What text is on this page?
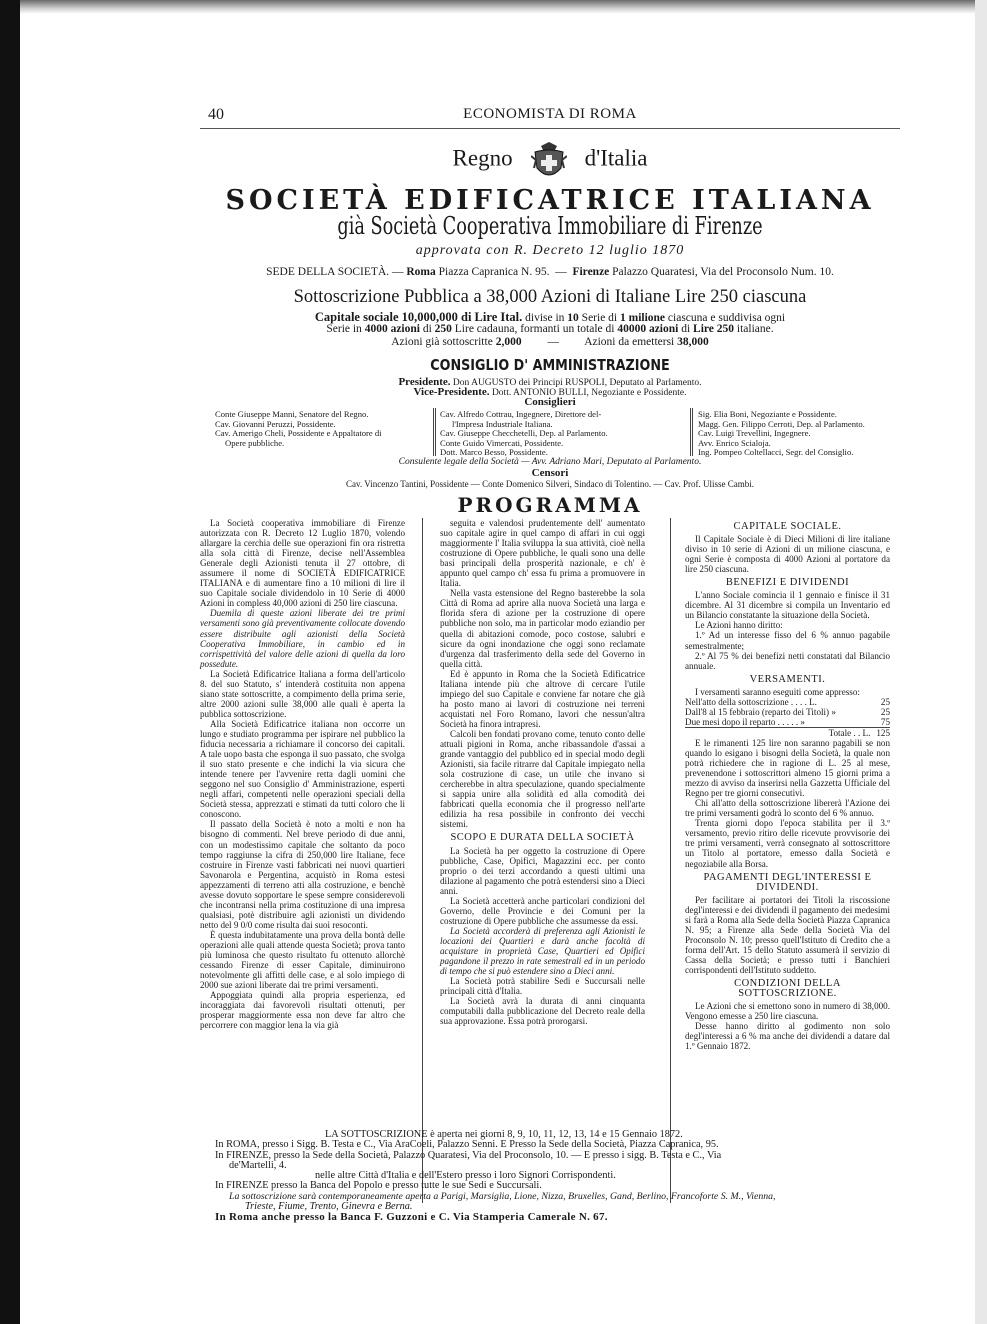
40	ECONOMISTA DI ROMA
Regno	d'Italia
SOCIETÀ EDIFICATRICE ITALIANA
già Società Cooperativa Immobiliare di Firenze
approvata con R. Decreto 12 luglio 1870
SEDE DELLA SOCIETÀ. — Roma Piazza Capranica N. 95.  —  Firenze Palazzo Quaratesi, Via del Proconsolo Num. 10.
Sottoscrizione Pubblica a 38,000 Azioni di Italiane Lire 250 ciascuna
Capitale sociale 10,000,000 di Lire Ital. divise in 10 Serie di 1 milione ciascuna e suddivisa ogni
Serie in 4000 azioni di 250 Lire cadauna, formanti un totale di 40000 azioni di Lire 250 italiane.
Azioni già sottoscritte 2,000 — Azioni da emettersi 38,000
CONSIGLIO D' AMMINISTRAZIONE
Presidente. Don AUGUSTO dei Principi RUSPOLI, Deputato al Parlamento.
Vice-Presidente. Dott. ANTONIO BULLI, Negoziante e Possidente.
Consiglieri
Conte Giuseppe Manni, Senatore del Regno.
Cav. Giovanni Peruzzi, Possidente.
Cav. Amerigo Cheli, Possidente e Appaltatore di
Opere pubbliche.
Cav. Alfredo Cottrau, Ingegnere, Direttore del-
l'Impresa Industriale Italiana.
Cav. Giuseppe Checchetelli, Dep. al Parlamento.
Conte Guido Vimercati, Possidente.
Dott. Marco Besso, Possidente.
Sig. Elia Boni, Negoziante e Possidente.
Magg. Gen. Filippo Cerroti, Dep. al Parlamento.
Cav. Luigi Trevellini, Ingegnere.
Avv. Enrico Scialoja.
Ing. Pompeo Coltellacci, Segr. del Consiglio.
Consulente legale della Società — Avv. Adriano Mari, Deputato al Parlamento.
Censori
Cav. Vincenzo Tantini, Possidente — Conte Domenico Silveri, Sindaco di Tolentino. — Cav. Prof. Ulisse Cambi.
PROGRAMMA

La Società cooperativa immobiliare di Firenze autorizzata con R. Decreto 12 Luglio 1870, volendo allargare la cerchia delle sue operazioni fin ora ristretta alla sola città di Firenze, decise nell'Assemblea Generale degli Azionisti tenuta il 27 ottobre, di assumere il nome di SOCIETÀ EDIFICATRICE ITALIANA e di aumentare fino a 10 milioni di lire il suo Capitale sociale dividendolo in 10 Serie di 4000 Azioni in compless 40,000 azioni di 250 lire ciascuna.

Duemila di queste azioni liberate dei tre primi versamenti sono già preventivamente collocate dovendo essere distribuite agli azionisti della Società Cooperativa Immobiliare, in cambio ed in corrispettività del valore delle azioni di quella da loro possedute.

La Società Edificatrice Italiana a forma dell'articolo 8. del suo Statuto, s' intenderà costituita non appena siano state sottoscritte, a compimento della prima serie, altre 2000 azioni sulle 38,000 alle quali è aperta la pubblica sottoscrizione.

Alla Società Edificatrice italiana non occorre un lungo e studiato programma per ispirare nel pubblico la fiducia necessaria a richiamare il concorso dei capitali. A tale uopo basta che esponga il suo passato, che svolga il suo stato presente e che indichi la via sicura che intende tenere per l'avvenire retta dagli uomini che seggono nel suo Consiglio d' Amministrazione, esperti negli affari, competenti nelle operazioni speciali della Società stessa, apprezzati e stimati da tutti coloro che li conoscono.

Il passato della Società è noto a molti e non ha bisogno di commenti. Nel breve periodo di due anni, con un modestissimo capitale che soltanto da poco tempo raggiunse la cifra di 250,000 lire Italiane, fece costruire in Firenze vasti fabbricati nei nuovi quartieri Savonarola e Pergentina, acquistò in Roma estesi appezzamenti di terreno atti alla costruzione, e benchè avesse dovuto sopportare le spese sempre considerevoli che incontransi nella prima costituzione di una impresa qualsiasi, potè distribuire agli azionisti un dividendo netto del 9 0/0 come risulta dai suoi resoconti.

È questa indubitatamente una prova della bontà delle operazioni alle quali attende questa Società; prova tanto più luminosa che questo risultato fu ottenuto allorchè cessando Firenze di esser Capitale, diminuirono notevolmente gli affitti delle case, e al solo impiego di 2000 sue azioni liberate dai tre primi versamenti.

Appoggiata quindi alla propria esperienza, ed incoraggiata dai favorevoli risultati ottenuti, per prosperar maggiormente essa non deve far altro che percorrere con maggior lena la via già

seguita e valendosi prudentemente dell' aumentato suo capitale agire in quel campo di affari in cui oggi maggiormente l' Italia sviluppa la sua attività, cioè nella costruzione di Opere pubbliche, le quali sono una delle basi principali della prosperità nazionale, e ch' è appunto quel campo ch' essa fu prima a promuovere in Italia.

Nella vasta estensione del Regno basterebbe la sola Città di Roma ad aprire alla nuova Società una larga e florida sfera di azione per la costruzione di opere pubbliche non solo, ma in particolar modo eziandio per quella di abitazioni comode, poco costose, salubri e sicure da ogni inondazione che oggi sono reclamate d'urgenza dal trasferimento della sede del Governo in quella città.

Ed è appunto in Roma che la Società Edificatrice Italiana intende più che altrove di cercare l'utile impiego del suo Capitale e conviene far notare che già ha posto mano ai lavori di costruzione nei terreni acquistati nel Foro Romano, lavori che nessun'altra Società ha finora intrapresi.

Calcoli ben fondati provano come, tenuto conto delle attuali pigioni in Roma, anche ribassandole d'assai a grande vantaggio del pubblico ed in special modo degli Azionisti, sia facile ritrarre dal Capitale impiegato nella sola costruzione di case, un utile che invano si cercherebbe in altra speculazione, quando specialmente si sappia unire alla solidità ed alla comodità dei fabbricati quella economia che il progresso nell'arte edilizia ha resa possibile in confronto dei vecchi sistemi.

SCOPO E DURATA DELLA SOCIETÀ

La Società ha per oggetto la costruzione di Opere pubbliche, Case, Opifici, Magazzini ecc. per conto proprio o dei terzi accordando a questi ultimi una dilazione al pagamento che potrà estendersi sino a Dieci anni.

La Società accetterà anche particolari condizioni del Governo, delle Provincie e dei Comuni per la costruzione di Opere pubbliche che assumesse da essi.

La Società accorderà di preferenza agli Azionisti le locazioni dei Quartieri e darà anche facoltà di acquistare in proprietà Case, Quartieri ed Opifici pagandone il prezzo in rate semestrali ed in un periodo di tempo che si può estendere sino a Dieci anni.

La Società potrà stabilire Sedi e Succursali nelle principali città d'Italia.

La Società avrà la durata di anni cinquanta computabili dalla pubblicazione del Decreto reale della sua approvazione. Essa potrà prorogarsi.

CAPITALE SOCIALE.

Il Capitale Sociale è di Dieci Milioni di lire italiane diviso in 10 serie di Azioni di un milione ciascuna, e ogni Serie è composta di 4000 Azioni al portatore da lire 250 ciascuna.

BENEFIZI E DIVIDENDI

L'anno Sociale comincia il 1 gennaio e finisce il 31 dicembre. Al 31 dicembre si compila un Inventario ed un Bilancio constatante la situazione della Società.

Le Azioni hanno diritto:

1.º Ad un interesse fisso del 6 % annuo pagabile semestralmente;

2.º Al 75 % dei benefizi netti constatati dal Bilancio annuale.

VERSAMENTI.

I versamenti saranno eseguiti come appresso:

Nell'atto della sottoscrizione . . . . L.	25
Dall'8 al 15 febbraio (reparto dei Titoli) »	25
Due mesi dopo il reparto . . . . . »	75
Totale . . L. 125

E le rimanenti 125 lire non saranno pagabili se non quando lo esigano i bisogni della Società, la quale non potrà richiedere che in ragione di L. 25 al mese, prevenendone i sottoscrittori almeno 15 giorni prima a mezzo di avviso da inserirsi nella Gazzetta Ufficiale del Regno per tre giorni consecutivi.

Chi all'atto della sottoscrizione libererà l'Azione dei tre primi versamenti godrà lo sconto del 6 % annuo.

Trenta giorni dopo l'epoca stabilita per il 3.º versamento, previo ritiro delle ricevute provvisorie dei tre primi versamenti, verrà consegnato al sottoscrittore un Titolo al portatore, emesso dalla Società e negoziabile alla Borsa.

PAGAMENTI DEGL'INTERESSI E DIVIDENDI.

Per facilitare ai portatori dei Titoli la riscossione degl'interessi e dei dividendi il pagamento dei medesimi si farà a Roma alla Sede della Società Piazza Capranica N. 95; a Firenze alla Sede della Società Via del Proconsolo N. 10; presso quell'Istituto di Credito che a forma dell'Art. 15 dello Statuto assumerà il servizio di Cassa della Società; e presso tutti i Banchieri corrispondenti dell'Istituto suddetto.

CONDIZIONI DELLA SOTTOSCRIZIONE.

Le Azioni che si emettono sono in numero di 38,000. Vengono emesse a 250 lire ciascuna.

Desse hanno diritto al godimento non solo degl'interessi a 6 % ma anche dei dividendi a datare dal 1.º Gennaio 1872.

LA SOTTOSCRIZIONE è aperta nei giorni 8, 9, 10, 11, 12, 13, 14 e 15 Gennaio 1872.
In ROMA, presso i Sigg. B. Testa e C., Via AraCoeli, Palazzo Senni. E Presso la Sede della Società, Piazza Capranica, 95.
In FIRENZE, presso la Sede della Società, Palazzo Quaratesi, Via del Proconsolo, 10. — E presso i sigg. B. Testa e C., Via
de'Martelli, 4.
nelle altre Città d'Italia e dell'Estero presso i loro Signori Corrispondenti.
In FIRENZE presso la Banca del Popolo e presso tutte le sue Sedi e Succursali.
La sottoscrizione sarà contemporaneamente aperta a Parigi, Marsiglia, Lione, Nizza, Bruxelles, Gand, Berlino, Francoforte S. M., Vienna,
Trieste, Fiume, Trento, Ginevra e Berna.
In Roma anche presso la Banca F. Guzzoni e C. Via Stamperia Camerale N. 67.
